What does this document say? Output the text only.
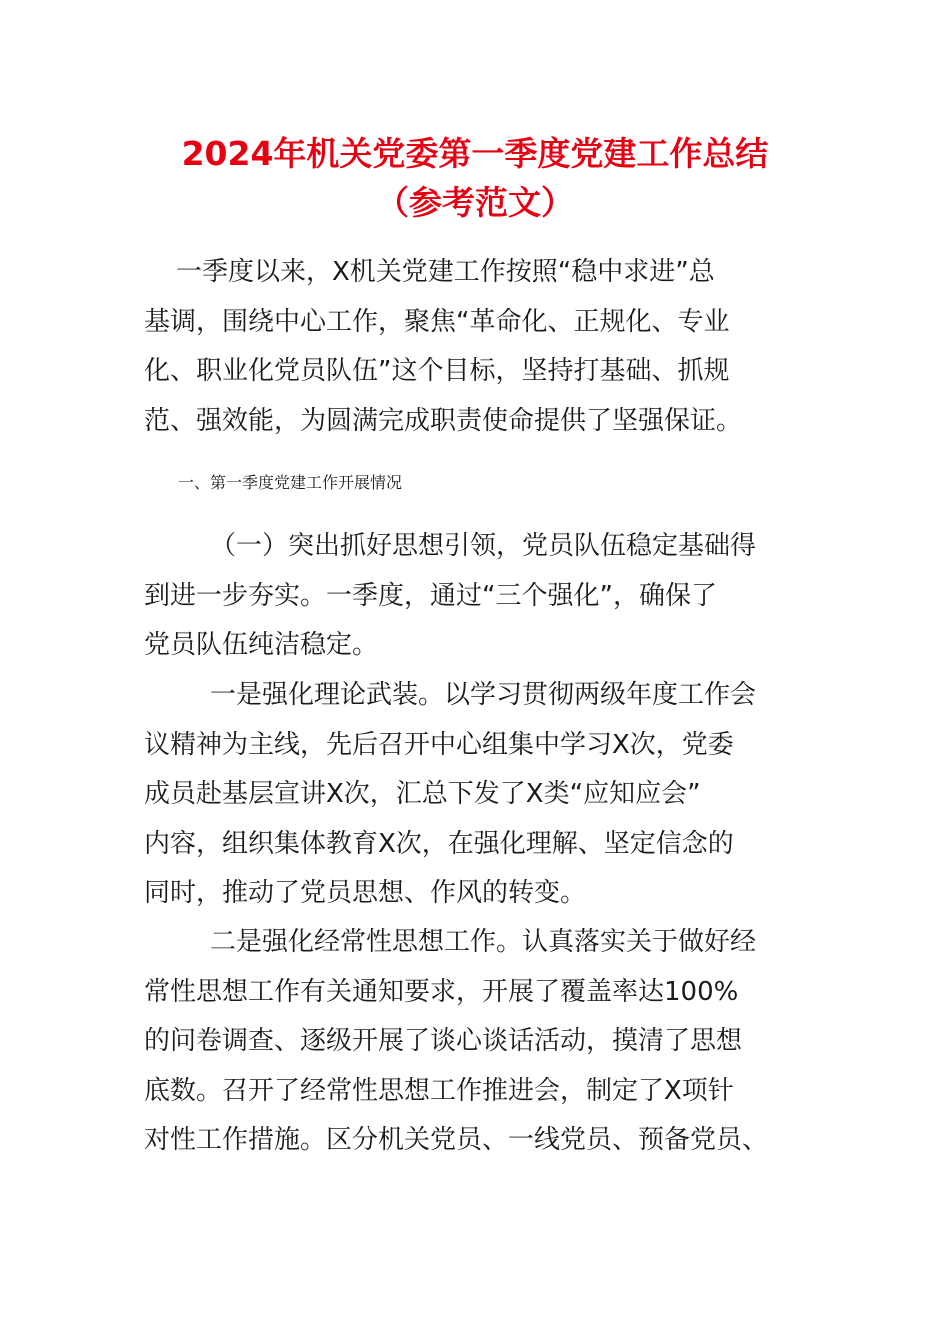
2024年机关党委第一季度党建工作总结
（参考范文）
一季度以来，X机关党建工作按照“稳中求进”总
基调，围绕中心工作，聚焦“革命化、正规化、专业
化、职业化党员队伍”这个目标，坚持打基础、抓规
范、强效能，为圆满完成职责使命提供了坚强保证。
一、第一季度党建工作开展情况
（一）突出抓好思想引领，党员队伍稳定基础得
到进一步夯实。一季度，通过“三个强化”，确保了
党员队伍纯洁稳定。
一是强化理论武装。以学习贯彻两级年度工作会
议精神为主线，先后召开中心组集中学习X次，党委
成员赴基层宣讲X次，汇总下发了X类“应知应会”
内容，组织集体教育X次，在强化理解、坚定信念的
同时，推动了党员思想、作风的转变。
二是强化经常性思想工作。认真落实关于做好经
常性思想工作有关通知要求，开展了覆盖率达100%
的问卷调查、逐级开展了谈心谈话活动，摸清了思想
底数。召开了经常性思想工作推进会，制定了X项针
对性工作措施。区分机关党员、一线党员、预备党员、
